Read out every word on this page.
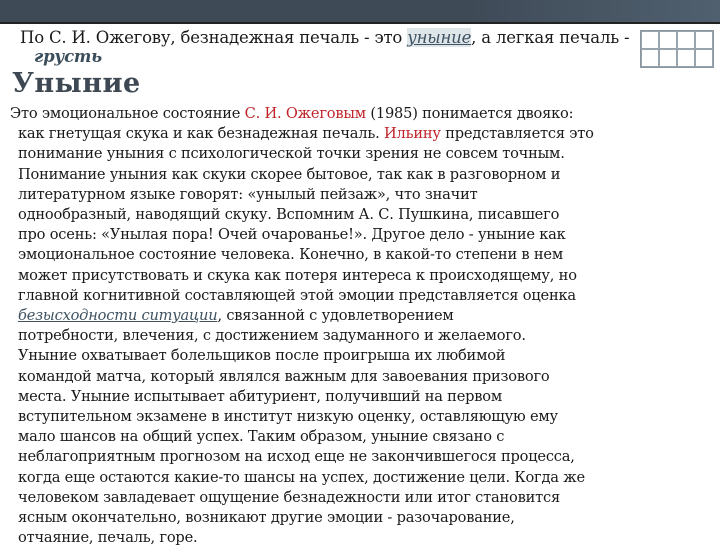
По С. И. Ожегову, безнадежная печаль - это уныние, а легкая печаль -
грусть
Уныние
Это эмоциональное состояние С. И. Ожеговым (1985) понимается двояко:
как гнетущая скука и как безнадежная печаль. Ильину представляется это
понимание уныния с психологической точки зрения не совсем точным.
Понимание уныния как скуки скорее бытовое, так как в разговорном и
литературном языке говорят: «унылый пейзаж», что значит
однообразный, наводящий скуку. Вспомним А. С. Пушкина, писавшего
про осень: «Унылая пора! Очей очарованье!». Другое дело - уныние как
эмоциональное состояние человека. Конечно, в какой-то степени в нем
может присутствовать и скука как потеря интереса к происходящему, но
главной когнитивной составляющей этой эмоции представляется оценка
безысходности ситуации, связанной с удовлетворением
потребности, влечения, с достижением задуманного и желаемого.
Уныние охватывает болельщиков после проигрыша их любимой
командой матча, который являлся важным для завоевания призового
места. Уныние испытывает абитуриент, получивший на первом
вступительном экзамене в институт низкую оценку, оставляющую ему
мало шансов на общий успех. Таким образом, уныние связано с
неблагоприятным прогнозом на исход еще не закончившегося процесса,
когда еще остаются какие-то шансы на успех, достижение цели. Когда же
человеком завладевает ощущение безнадежности или итог становится
ясным окончательно, возникают другие эмоции - разочарование,
отчаяние, печаль, горе.
